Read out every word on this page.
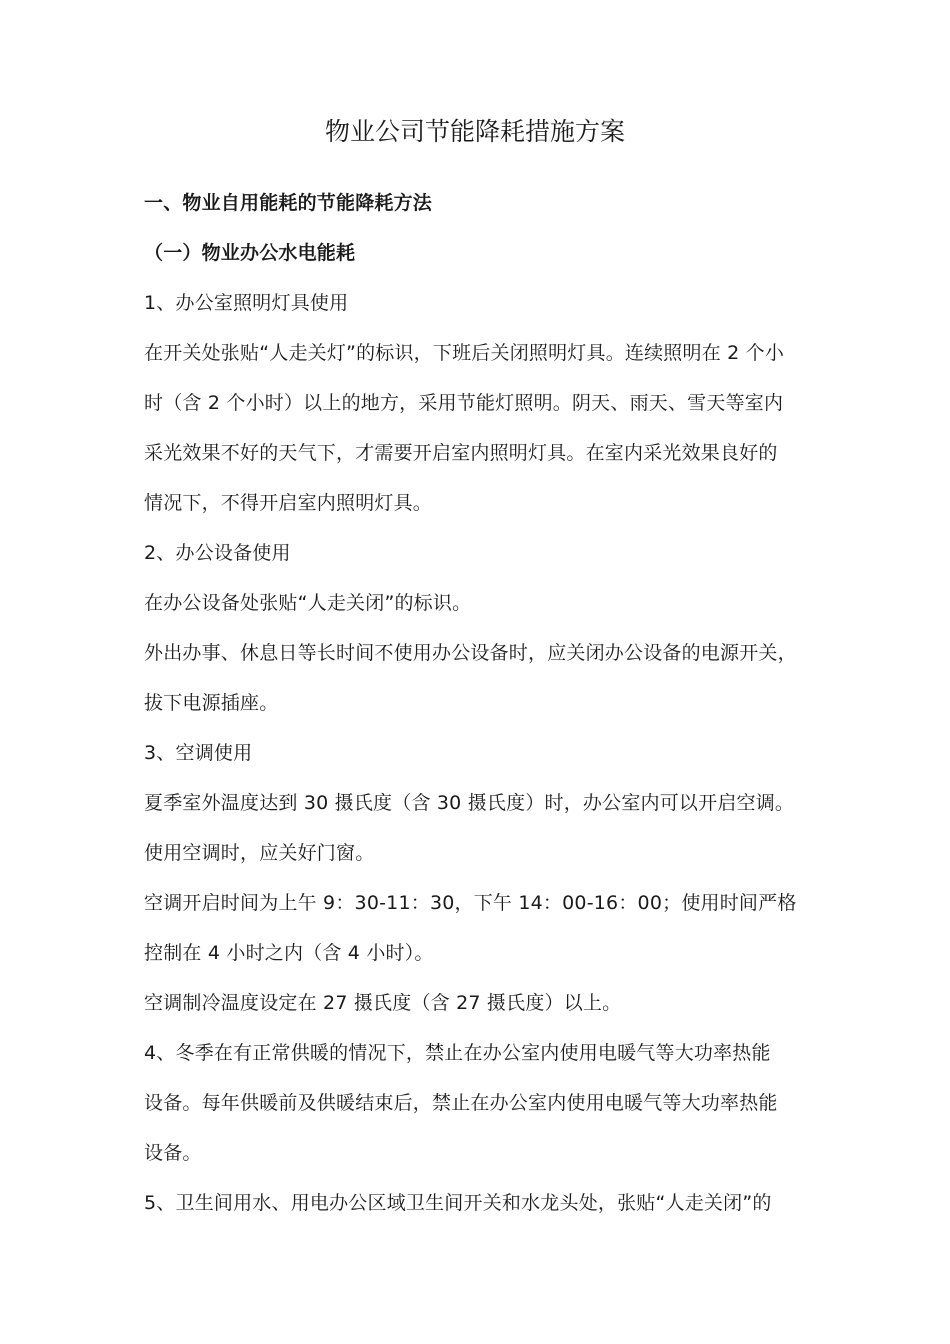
物业公司节能降耗措施方案
一、物业自用能耗的节能降耗方法
（一）物业办公水电能耗
1、办公室照明灯具使用
在开关处张贴“人走关灯”的标识，下班后关闭照明灯具。连续照明在 2 个小
时（含 2 个小时）以上的地方，采用节能灯照明。阴天、雨天、雪天等室内
采光效果不好的天气下，才需要开启室内照明灯具。在室内采光效果良好的
情况下，不得开启室内照明灯具。
2、办公设备使用
在办公设备处张贴“人走关闭”的标识。
外出办事、休息日等长时间不使用办公设备时，应关闭办公设备的电源开关，
拔下电源插座。
3、空调使用
夏季室外温度达到 30 摄氏度（含 30 摄氏度）时，办公室内可以开启空调。
使用空调时，应关好门窗。
空调开启时间为上午 9：30-11：30，下午 14：00-16：00；使用时间严格
控制在 4 小时之内（含 4 小时）。
空调制冷温度设定在 27 摄氏度（含 27 摄氏度）以上。
4、冬季在有正常供暖的情况下，禁止在办公室内使用电暖气等大功率热能
设备。每年供暖前及供暖结束后，禁止在办公室内使用电暖气等大功率热能
设备。
5、卫生间用水、用电办公区域卫生间开关和水龙头处，张贴“人走关闭”的
